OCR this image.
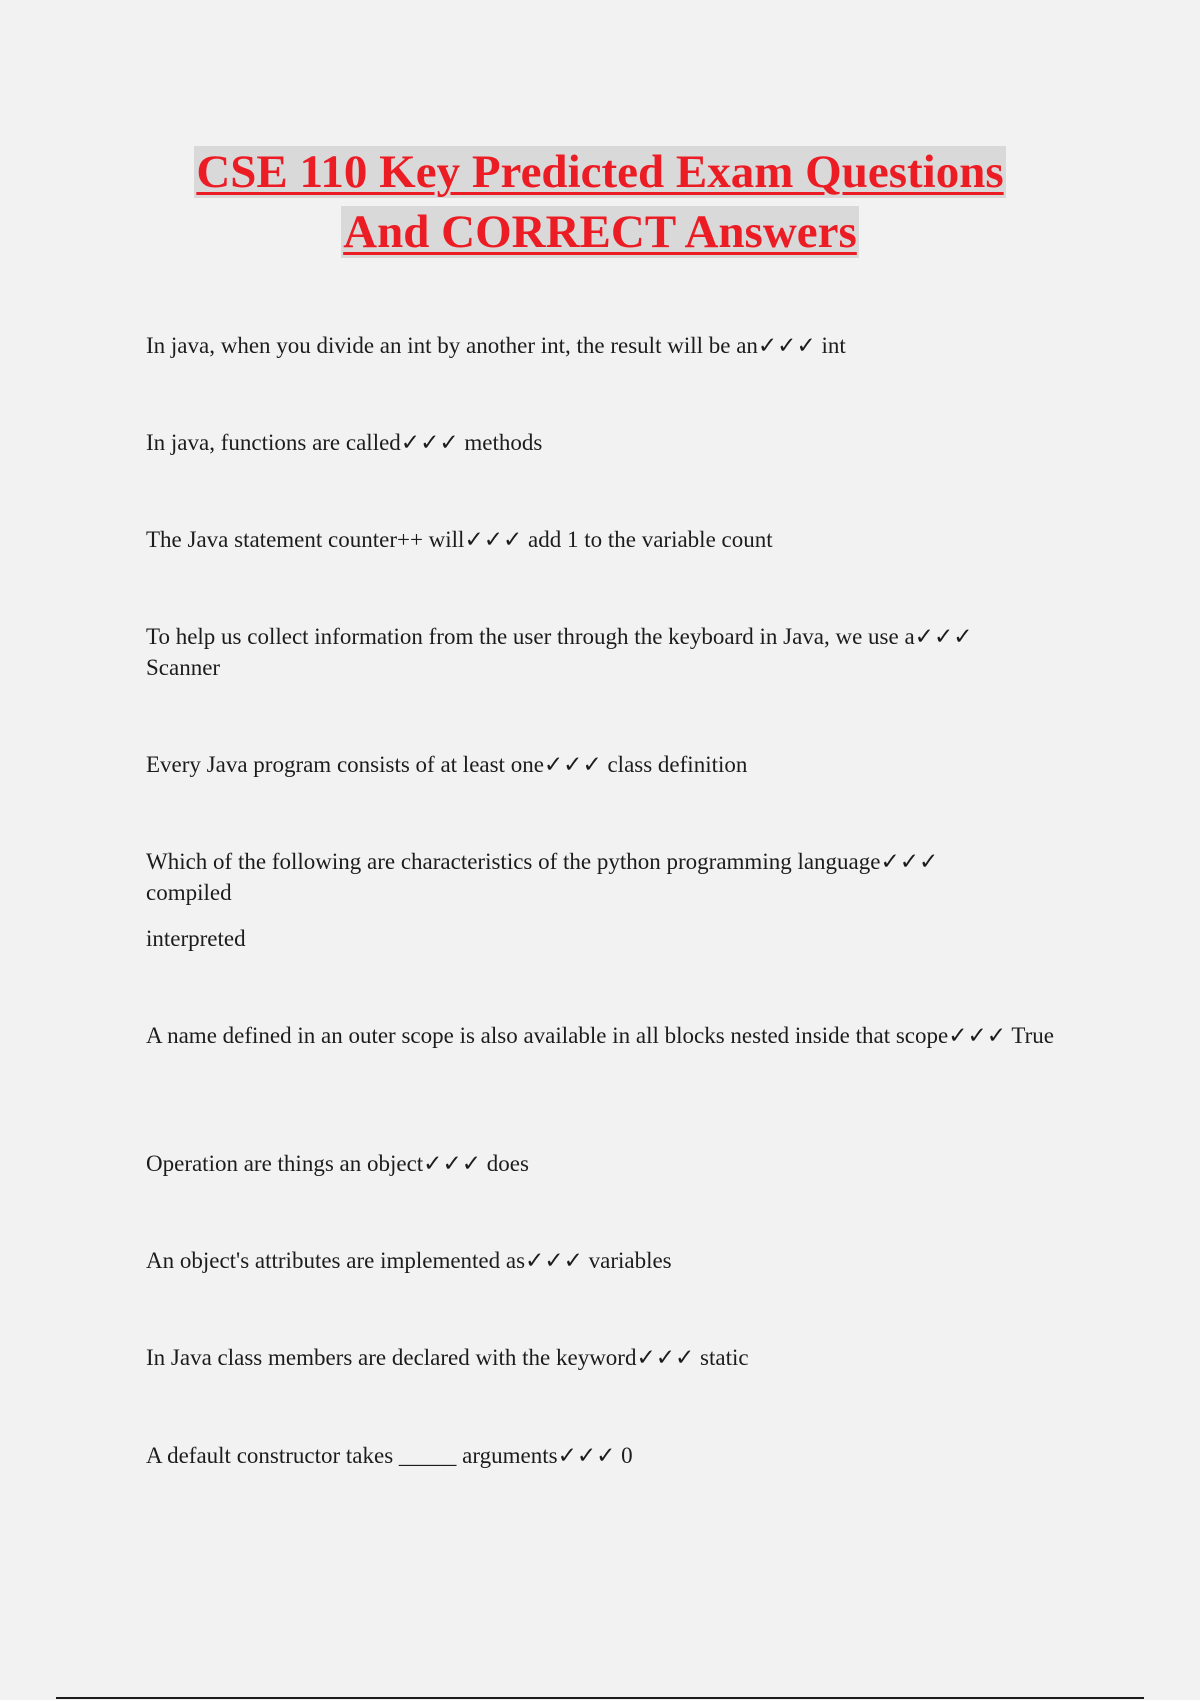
CSE 110 Key Predicted Exam Questions
And CORRECT Answers
In java, when you divide an int by another int, the result will be an✓✓✓ int
In java, functions are called✓✓✓ methods
The Java statement counter++ will✓✓✓ add 1 to the variable count
To help us collect information from the user through the keyboard in Java, we use a✓✓✓ Scanner
Every Java program consists of at least one✓✓✓ class definition
Which of the following are characteristics of the python programming language✓✓✓ compiled
interpreted
A name defined in an outer scope is also available in all blocks nested inside that scope✓✓✓ True
Operation are things an object✓✓✓ does
An object's attributes are implemented as✓✓✓ variables
In Java class members are declared with the keyword✓✓✓ static
A default constructor takes _____ arguments✓✓✓ 0
